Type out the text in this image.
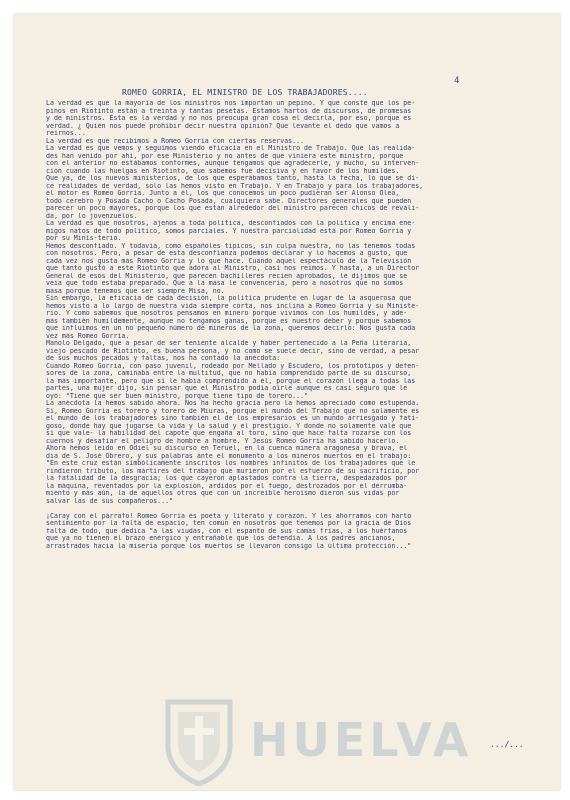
4
ROMEO GORRIA, EL MINISTRO DE LOS TRABAJADORES....
La verdad es que la mayoría de los ministros nos importan un pepino. Y que conste que los pe-
pinos en Riotinto están a treinta y tantas pesetas. Estamos hartos de discursos, de promesas
y de ministros. Esta es la verdad y no nos preocupa gran cosa el decirla, por eso, porque es
verdad. ¿ Quién nos puede prohibir decir nuestra opinión? Que levante el dedo que vamos a
reirnos...
La verdad es que recibimos a Romeo Gorría con ciertas reservas...
La verdad es que vemos y seguimos viendo eficacia en el Ministro de Trabajo. Que las realida-
des han venido por ahí, por ese Ministerio y no antes de que viniera este ministro, porque
con el anterior no estábamos conformes, aunque tengamos que agradecerle, y mucho, su interven-
ción cuando las huelgas en Riotinto, que sabemos fué decisiva y en favor de los humildes.
Que ya, de los nuevos ministerios, de los que esperábamos tanto, hasta la fecha, lo que se di-
ce realidades de verdad, solo las hemos visto en Trabajo. Y en Trabajo y para los trabajadores,
el motor es Romeo Gorría. Junto a él, los que conocemos un poco pudieran ser Alonso Olea,
todo cerebro y Posada Cacho o Cacho Posada, cualquiera sabe. Directores generales que pueden
parecer un poco mayores, porque los que están alrededor del ministro parecen chicos de reváli-
da, por lo jovenzuelos.
La verdad es que nosotros, ajenos a toda política, desconfiados con la política y encima ene-
migos natos de todo político, somos parciales. Y nuestra parcialidad está por Romeo Gorría y
por su Minis-terio.
Hemos desconfiado. Y todavía, como españoles típicos, sin culpa nuestra, no las tenemos todas
con nosotros. Pero, a pesar de esta desconfianza podemos declarar y lo hacemos a gusto, que
cada vez nos gusta más Romeo Gorría y lo que hace. Cuando aquel espectáculo de la Televisión
que tanto gustó a este Riotinto que adora al Ministro, casi nos reimos. Y hasta, a un Director
General de esos del Ministerio, que parecen bachilleres recien aprobados, le dijimos que se
veía que todo estaba preparado. Que a la masa le convencería, pero a nosotros que no somos
masa porque tenemos que ser siempre Misa, no.
Sin embargo, la eficacia de cada decisión, la política prudente en lugar de la asquerosa que
hemos visto a lo largo de nuestra vida siempre corta, nos inclina a Romeo Gorría y su Ministe-
rio. Y como sabemos que nosotros pensamos en minero porque vivimos con los humildes, y ade-
más también humildemente, aunque no tengamos ganas, porque es nuestro deber y porque sabemos
que influimos en un no pequeño número de mineros de la zona, queremos decirlo: Nos gusta cada
vez más Romeo Gorría.
Manolo Delgado, que a pesar de ser teniente alcalde y haber pertenecido a la Peña literaria,
viejo pescado de Riotinto, es buena persona, y no como se suele decir, sino de verdad, a pesar
de sus muchos pecados y faltas, nos ha contado la anécdota:
Cuando Romeo Gorría, con paso juvenil, rodeado por Mellado y Escudero, los prototipos y defen-
sores de la zona, caminaba entre la multitud, que no había comprendido parte de su discurso,
la más importante, pero que sí le había comprendido a él, porque el corazón llega a todas las
partes, una mujer dijo, sin pensar que el Ministro podía oirle aunque es casi seguro que le
oyó: "Tiene que ser buen ministro, porque tiene tipo de torero..."
La anécdota la hemos sabido ahora. Nos ha hecho gracia pero la hemos apreciado como estupenda.
Sí, Romeo Gorría es torero y torero de Miuras, porque el mundo del Trabajo que no solamente es
el mundo de los trabajadores sino también el de los empresarios es un mundo arriesgado y fati-
goso, donde hay que jugarse la vida y la salud y el prestigio. Y donde no solamente vale que
sí que vale- la habilidad del capote que engaña al toro, sino que hace falta rozarse con los
cuernos y desafiar el peligro de hombre a hombre. Y Jesús Romeo Gorría ha sabido hacerlo.
Ahora hemos leído en Odiel su discurso en Teruel, en la cuenca minera aragonesa y brava, el
día de S. José Obrero, y sus palabras ante el monumento a los mineros muertos en el trabajo:
"En este cruz están simbólicamente inscritos los nombres infinitos de los trabajadores que le
rindieron tributo, los mártires del trabajo que murieron por el esfuerzo de su sacrificio, por
la fatalidad de la desgracia; los que cayeron aplastados contra la tierra, despedazados por
la máquina, reventados por la explosión, ardidos por el fuego, destrozados por el derrumba-
miento y más aún, la de aquellos otros que con un increíble heroísmo dieron sus vidas por
salvar las de sus compañeros..."
¡Caray con el párrafo! Romeo Gorría es poeta y literato y corazón. Y les ahorramos con harto
sentimiento por la falta de espacio, ten común en nosotros que tenemos por la gracia de Dios
falta de todo, que dedica "a las viudas, con el espanto de sus camas frías, a los huérfanos
que ya no tienen el brazo enérgico y entrañable que los defendía. A los padres ancianos,
arrastrados hacia la miseria porque los muertos se llevaron consigo la última protección..."
.../...
HUELVA
